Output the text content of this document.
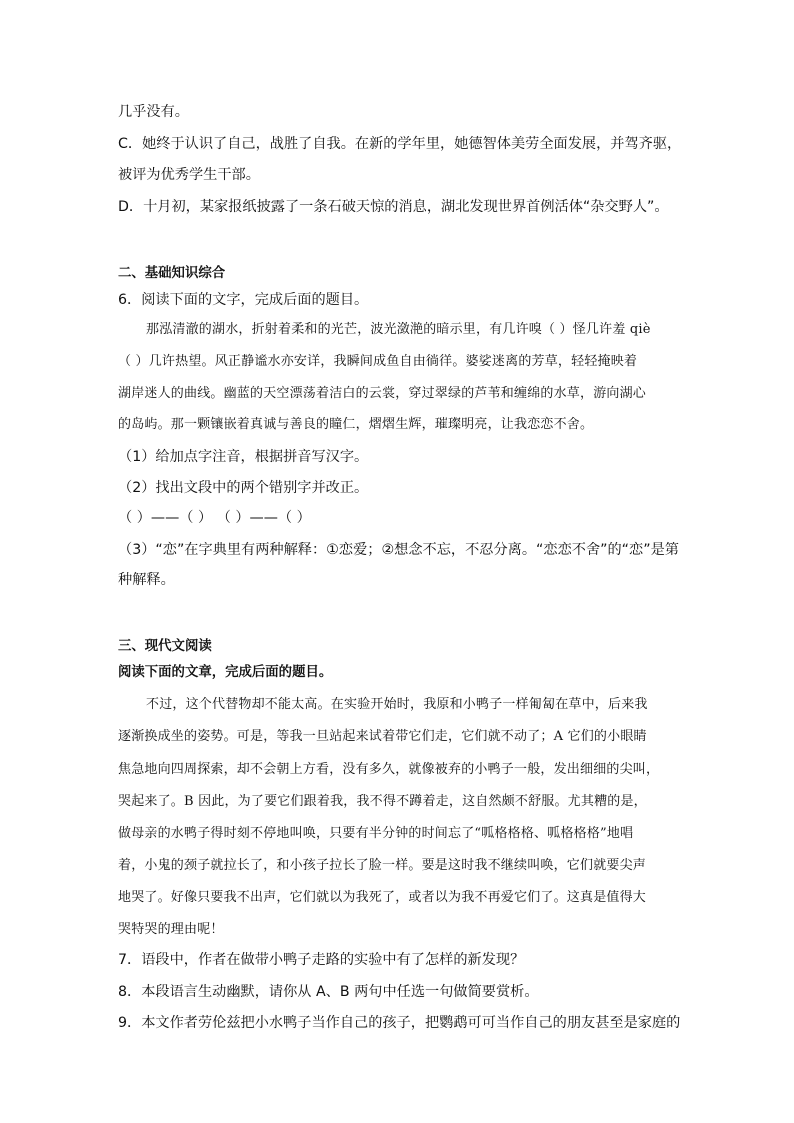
几乎没有。
C．她终于认识了自己，战胜了自我。在新的学年里，她德智体美劳全面发展，并驾齐驱，
被评为优秀学生干部。
D．十月初，某家报纸披露了一条石破天惊的消息，湖北发现世界首例活体“杂交野人”。
二、基础知识综合
6．阅读下面的文字，完成后面的题目。
那泓清澈的湖水，折射着柔和的光芒，波光潋滟的暗示里，有几许嗅（ ）怪几许羞 qiè
（ ）几许热望。风正静谧水亦安详，我瞬间成鱼自由徜徉。婆娑迷离的芳草，轻轻掩映着
湖岸迷人的曲线。幽蓝的天空漂荡着洁白的云裳，穿过翠绿的芦苇和缠绵的水草，游向湖心
的岛屿。那一颗镶嵌着真诚与善良的瞳仁，熠熠生辉，璀璨明亮，让我恋恋不舍。
（1）给加点字注音，根据拼音写汉字。
（2）找出文段中的两个错别字并改正。
（ ）——（ ） （ ）——（ ）
（3）“恋”在字典里有两种解释：①恋爱；②想念不忘，不忍分离。“恋恋不舍”的“恋”是第
种解释。
三、现代文阅读
阅读下面的文章，完成后面的题目。
不过，这个代替物却不能太高。在实验开始时，我原和小鸭子一样匍匐在草中，后来我
逐渐换成坐的姿势。可是，等我一旦站起来试着带它们走，它们就不动了；A 它们的小眼睛
焦急地向四周探索，却不会朝上方看，没有多久，就像被弃的小鸭子一般，发出细细的尖叫，
哭起来了。B 因此，为了要它们跟着我，我不得不蹲着走，这自然颇不舒服。尤其糟的是，
做母亲的水鸭子得时刻不停地叫唤，只要有半分钟的时间忘了“呱格格格、呱格格格”地唱
着，小鬼的颈子就拉长了，和小孩子拉长了脸一样。要是这时我不继续叫唤，它们就要尖声
地哭了。好像只要我不出声，它们就以为我死了，或者以为我不再爱它们了。这真是值得大
哭特哭的理由呢！
7．语段中，作者在做带小鸭子走路的实验中有了怎样的新发现？
8．本段语言生动幽默，请你从 A、B 两句中任选一句做简要赏析。
9．本文作者劳伦兹把小水鸭子当作自己的孩子，把鹦鹉可可当作自己的朋友甚至是家庭的
